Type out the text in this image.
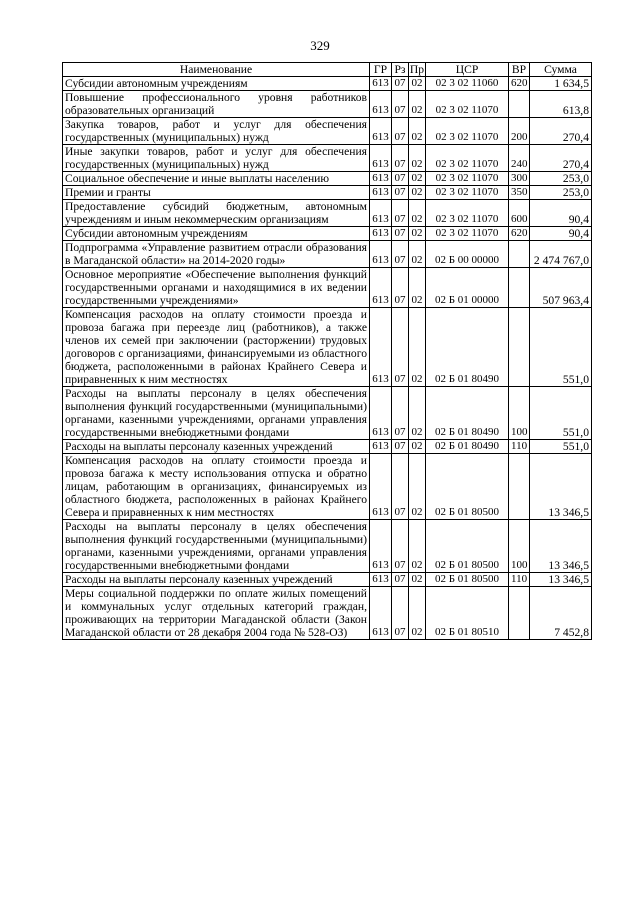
329
Наименование	ГР	Рз	Пр	ЦСР	ВР	Сумма
Субсидии автономным учреждениям	613	07	02	02 3 02 11060	620	1 634,5
Повышение профессионального уровня работников образовательных организаций	613	07	02	02 3 02 11070		613,8
Закупка товаров, работ и услуг для обеспечения государственных (муниципальных) нужд	613	07	02	02 3 02 11070	200	270,4
Иные закупки товаров, работ и услуг для обеспечения государственных (муниципальных) нужд	613	07	02	02 3 02 11070	240	270,4
Социальное обеспечение и иные выплаты населению	613	07	02	02 3 02 11070	300	253,0
Премии и гранты	613	07	02	02 3 02 11070	350	253,0
Предоставление субсидий бюджетным, автономным учреждениям и иным некоммерческим организациям	613	07	02	02 3 02 11070	600	90,4
Субсидии автономным учреждениям	613	07	02	02 3 02 11070	620	90,4
Подпрограмма «Управление развитием отрасли образования в Магаданской области» на 2014-2020 годы»	613	07	02	02 Б 00 00000		2 474 767,0
Основное мероприятие «Обеспечение выполнения функций государственными органами и находящимися в их ведении государственными учреждениями»	613	07	02	02 Б 01 00000		507 963,4
Компенсация расходов на оплату стоимости проезда и провоза багажа при переезде лиц (работников), а также членов их семей при заключении (расторжении) трудовых договоров с организациями, финансируемыми из областного бюджета, расположенными в районах Крайнего Севера и приравненных к ним местностях	613	07	02	02 Б 01 80490		551,0
Расходы на выплаты персоналу в целях обеспечения выполнения функций государственными (муниципальными) органами, казенными учреждениями, органами управления государственными внебюджетными фондами	613	07	02	02 Б 01 80490	100	551,0
Расходы на выплаты персоналу казенных учреждений	613	07	02	02 Б 01 80490	110	551,0
Компенсация расходов на оплату стоимости проезда и провоза багажа к месту использования отпуска и обратно лицам, работающим в организациях, финансируемых из областного бюджета, расположенных в районах Крайнего Севера и приравненных к ним местностях	613	07	02	02 Б 01 80500		13 346,5
Расходы на выплаты персоналу в целях обеспечения выполнения функций государственными (муниципальными) органами, казенными учреждениями, органами управления государственными внебюджетными фондами	613	07	02	02 Б 01 80500	100	13 346,5
Расходы на выплаты персоналу казенных учреждений	613	07	02	02 Б 01 80500	110	13 346,5
Меры социальной поддержки по оплате жилых помещений и коммунальных услуг отдельных категорий граждан, проживающих на территории Магаданской области (Закон Магаданской области от 28 декабря 2004 года № 528-ОЗ)	613	07	02	02 Б 01 80510		7 452,8
